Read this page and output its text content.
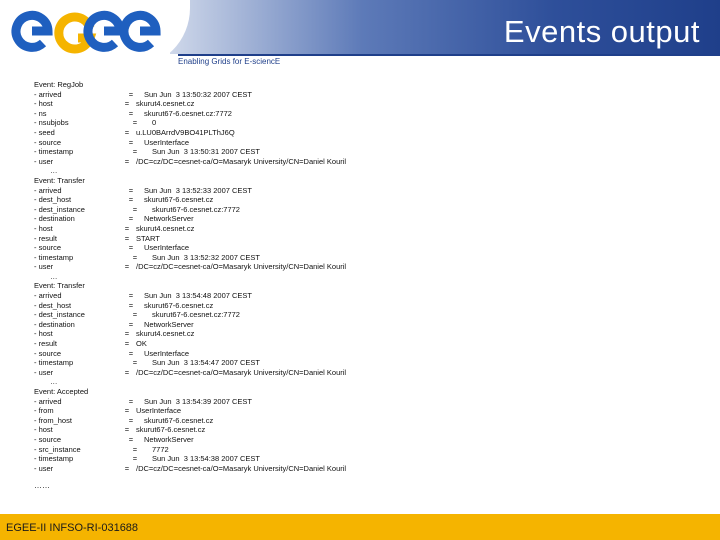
Events output
Enabling Grids for E-sciencE
Event: RegJob
- arrived	=	Sun Jun  3 13:50:32 2007 CEST
- host	= skurut4.cesnet.cz
- ns	=	skurut67-6.cesnet.cz:7772
- nsubjobs	=	0
- seed	= u.LU0BArrdV9BO41PLThJ6Q
- source	=	UserInterface
- timestamp	=	Sun Jun  3 13:50:31 2007 CEST
- user	= /DC=cz/DC=cesnet-ca/O=Masaryk University/CN=Daniel Kouril
…
Event: Transfer
- arrived	=	Sun Jun  3 13:52:33 2007 CEST
- dest_host	=	skurut67-6.cesnet.cz
- dest_instance	=	skurut67-6.cesnet.cz:7772
- destination	=	NetworkServer
- host	= skurut4.cesnet.cz
- result	= START
- source	=	UserInterface
- timestamp	=	Sun Jun  3 13:52:32 2007 CEST
- user	= /DC=cz/DC=cesnet-ca/O=Masaryk University/CN=Daniel Kouril
…
Event: Transfer
- arrived	=	Sun Jun  3 13:54:48 2007 CEST
- dest_host	=	skurut67-6.cesnet.cz
- dest_instance	=	skurut67-6.cesnet.cz:7772
- destination	=	NetworkServer
- host	= skurut4.cesnet.cz
- result	= OK
- source	=	UserInterface
- timestamp	=	Sun Jun  3 13:54:47 2007 CEST
- user	= /DC=cz/DC=cesnet-ca/O=Masaryk University/CN=Daniel Kouril
…
Event: Accepted
- arrived	=	Sun Jun  3 13:54:39 2007 CEST
- from	= UserInterface
- from_host	=	skurut67-6.cesnet.cz
- host	= skurut67-6.cesnet.cz
- source	=	NetworkServer
- src_instance	=	7772
- timestamp	=	Sun Jun  3 13:54:38 2007 CEST
- user	= /DC=cz/DC=cesnet-ca/O=Masaryk University/CN=Daniel Kouril
……
EGEE-II INFSO-RI-031688
